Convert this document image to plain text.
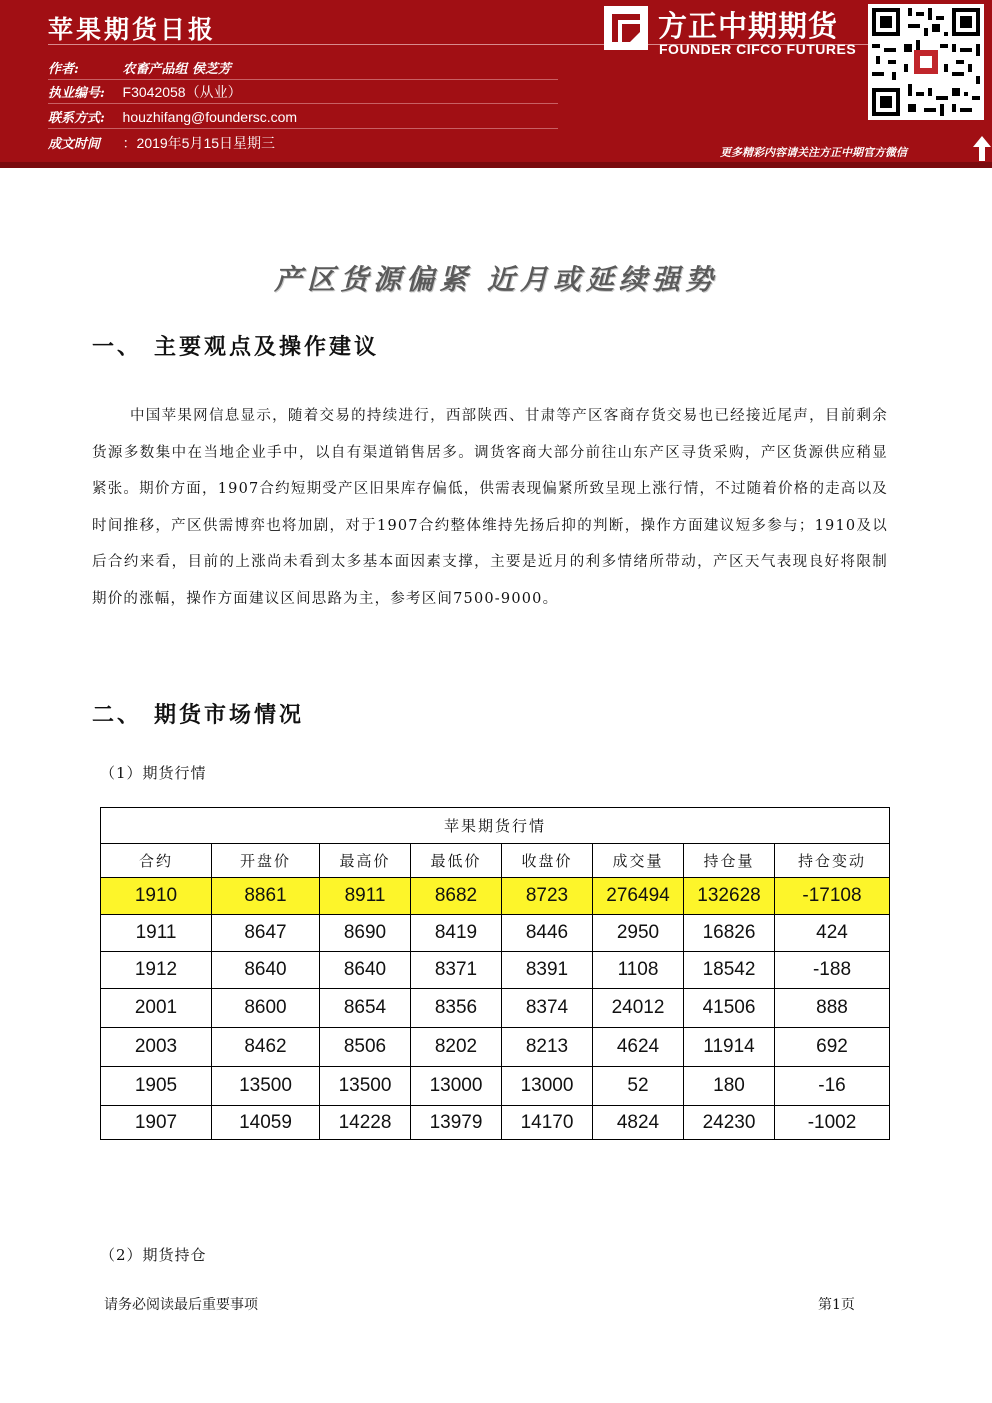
苹果期货日报
作者:	农畜产品组 侯芝芳
执业编号: F3042058（从业）
联系方式: houzhifang@foundersc.com
成文时间 ：2019年5月15日星期三
方正中期期货
FOUNDER CIFCO FUTURES
更多精彩内容请关注方正中期官方微信
产区货源偏紧 近月或延续强势
一、 主要观点及操作建议
中国苹果网信息显示，随着交易的持续进行，西部陕西、甘肃等产区客商存货交易也已经接近尾声，目前剩余货源多数集中在当地企业手中，以自有渠道销售居多。调货客商大部分前往山东产区寻货采购，产区货源供应稍显紧张。期价方面，1907合约短期受产区旧果库存偏低，供需表现偏紧所致呈现上涨行情，不过随着价格的走高以及时间推移，产区供需博弈也将加剧，对于1907合约整体维持先扬后抑的判断，操作方面建议短多参与；1910及以后合约来看，目前的上涨尚未看到太多基本面因素支撑，主要是近月的利多情绪所带动，产区天气表现良好将限制期价的涨幅，操作方面建议区间思路为主，参考区间7500-9000。
二、 期货市场情况
（1）期货行情
苹果期货行情							
合约	开盘价	最高价	最低价	收盘价	成交量	持仓量	持仓变动
1910	8861	8911	8682	8723	276494	132628	-17108
1911	8647	8690	8419	8446	2950	16826	424
1912	8640	8640	8371	8391	1108	18542	-188
2001	8600	8654	8356	8374	24012	41506	888
2003	8462	8506	8202	8213	4624	11914	692
1905	13500	13500	13000	13000	52	180	-16
1907	14059	14228	13979	14170	4824	24230	-1002
（2）期货持仓
请务必阅读最后重要事项	第1页
